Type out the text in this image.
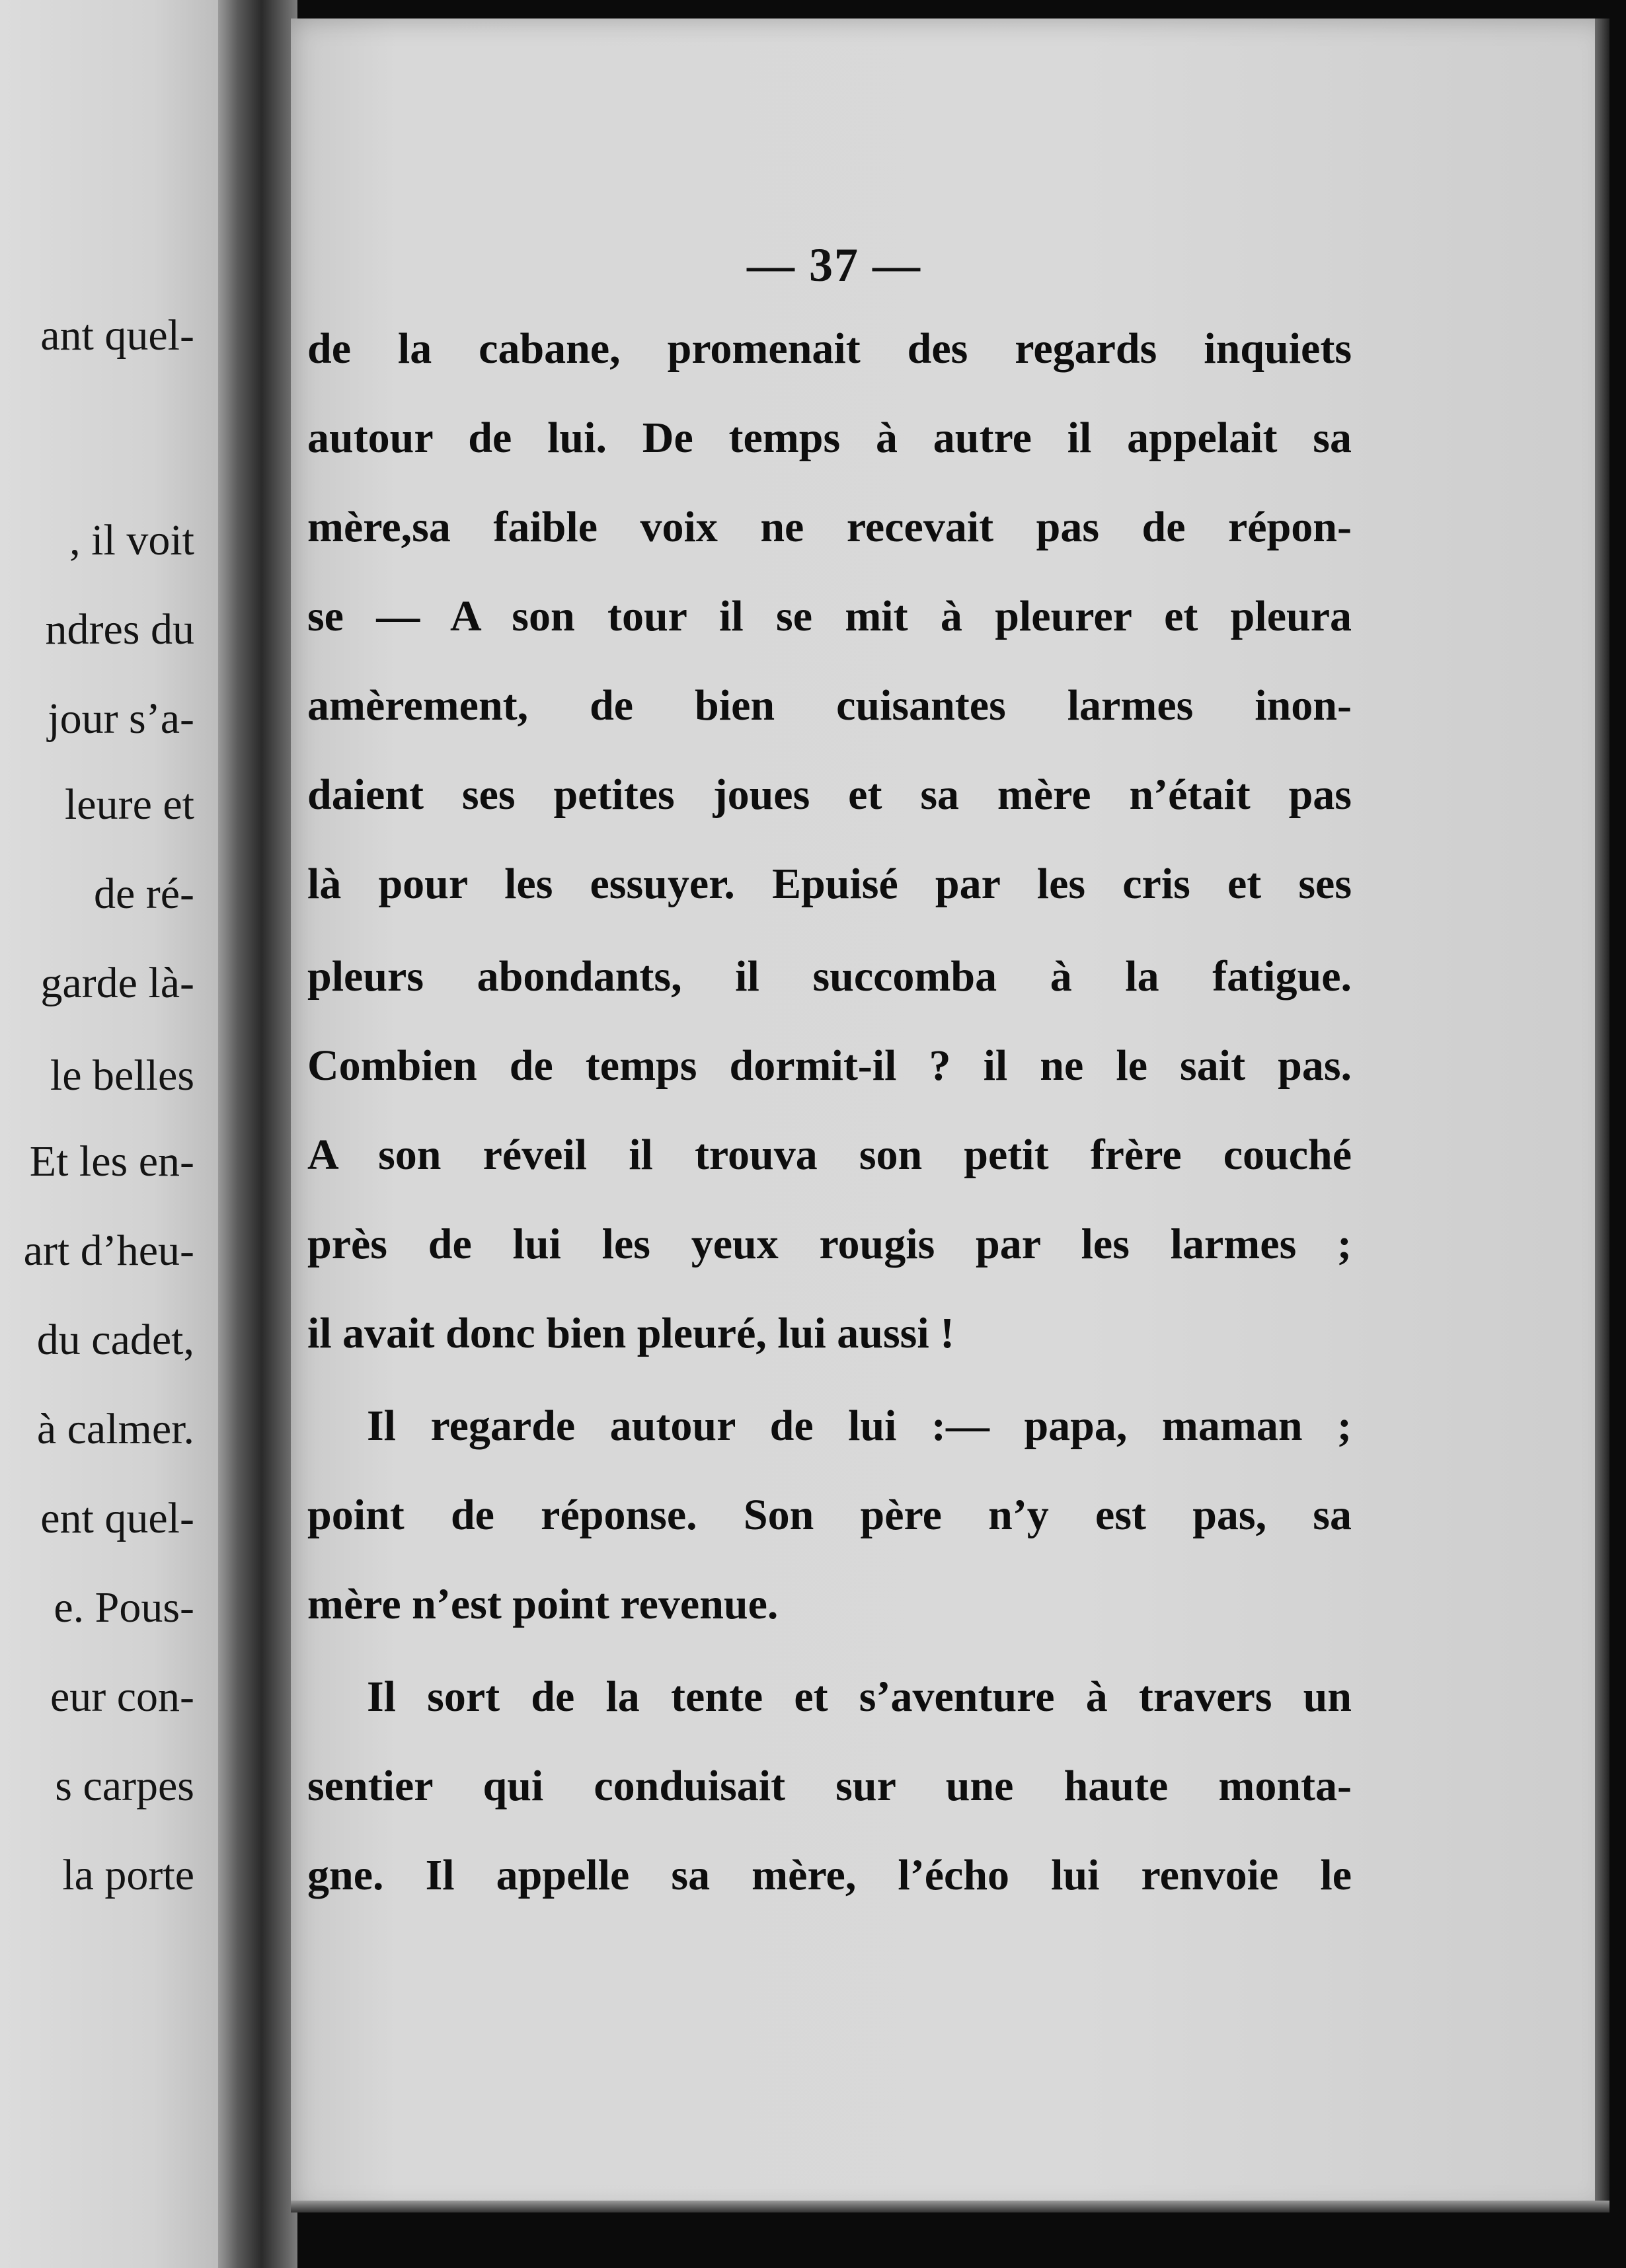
ant quel-
, il voit
ndres du
jour s’a-
leure et
de ré-
garde là-
le belles
Et les en-
art d’heu-
du cadet,
à calmer.
ent quel-
e. Pous-
eur con-
s carpes
la porte
— 37 —
de la cabane, promenait des regards inquiets
autour de lui. De temps à autre il appelait sa
mère,sa faible voix ne recevait pas de répon-
se — A son tour il se mit à pleurer et pleura
amèrement, de bien cuisantes larmes inon-
daient ses petites joues et sa mère n’était pas
là pour les essuyer. Epuisé par les cris et ses
pleurs abondants, il succomba à la fatigue.
Combien de temps dormit-il ? il ne le sait pas.
A son réveil il trouva son petit frère couché
près de lui les yeux rougis par les larmes ;
il avait donc bien pleuré, lui aussi !
Il regarde autour de lui :— papa, maman ;
point de réponse. Son père n’y est pas, sa
mère n’est point revenue.
Il sort de la tente et s’aventure à travers un
sentier qui conduisait sur une haute monta-
gne. Il appelle sa mère, l’écho lui renvoie le
